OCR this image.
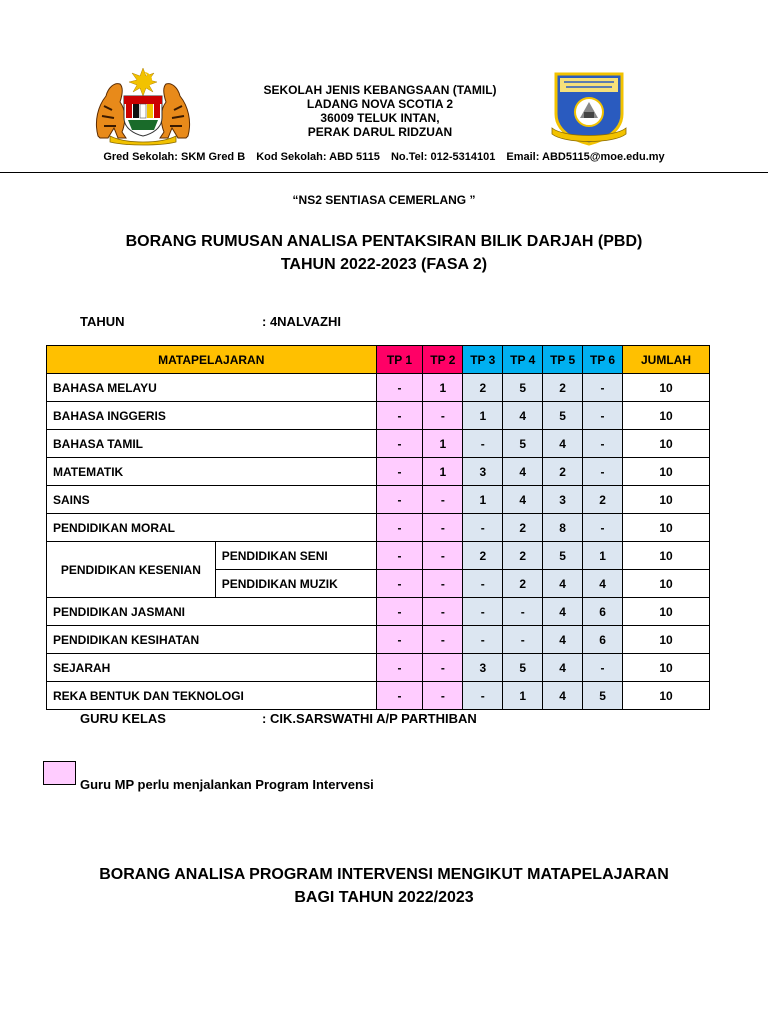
SEKOLAH JENIS KEBANGSAAN (TAMIL)
LADANG NOVA SCOTIA 2
36009 TELUK INTAN,
PERAK DARUL RIDZUAN
Gred Sekolah: SKM Gred B Kod Sekolah: ABD 5115 No.Tel: 012-5314101 Email: ABD5115@moe.edu.my
“NS2 SENTIASA CEMERLANG ”
BORANG RUMUSAN ANALISA PENTAKSIRAN BILIK DARJAH (PBD)
TAHUN 2022-2023 (FASA 2)
TAHUN	: 4NALVAZHI
MATAPELAJARAN		TP 1	TP 2	TP 3	TP 4	TP 5	TP 6	JUMLAH
BAHASA MELAYU		-	1	2	5	2	-	10
BAHASA INGGERIS		-	-	1	4	5	-	10
BAHASA TAMIL		-	1	-	5	4	-	10
MATEMATIK		-	1	3	4	2	-	10
SAINS		-	-	1	4	3	2	10
PENDIDIKAN MORAL		-	-	-	2	8	-	10
PENDIDIKAN KESENIAN	PENDIDIKAN SENI	-	-	2	2	5	1	10
	PENDIDIKAN MUZIK	-	-	-	2	4	4	10
PENDIDIKAN JASMANI		-	-	-	-	4	6	10
PENDIDIKAN KESIHATAN		-	-	-	-	4	6	10
SEJARAH		-	-	3	5	4	-	10
REKA BENTUK DAN TEKNOLOGI		-	-	-	1	4	5	10
GURU KELAS	: CIK.SARSWATHI A/P PARTHIBAN
Guru MP perlu menjalankan Program Intervensi
BORANG ANALISA PROGRAM INTERVENSI MENGIKUT MATAPELAJARAN
BAGI TAHUN 2022/2023
